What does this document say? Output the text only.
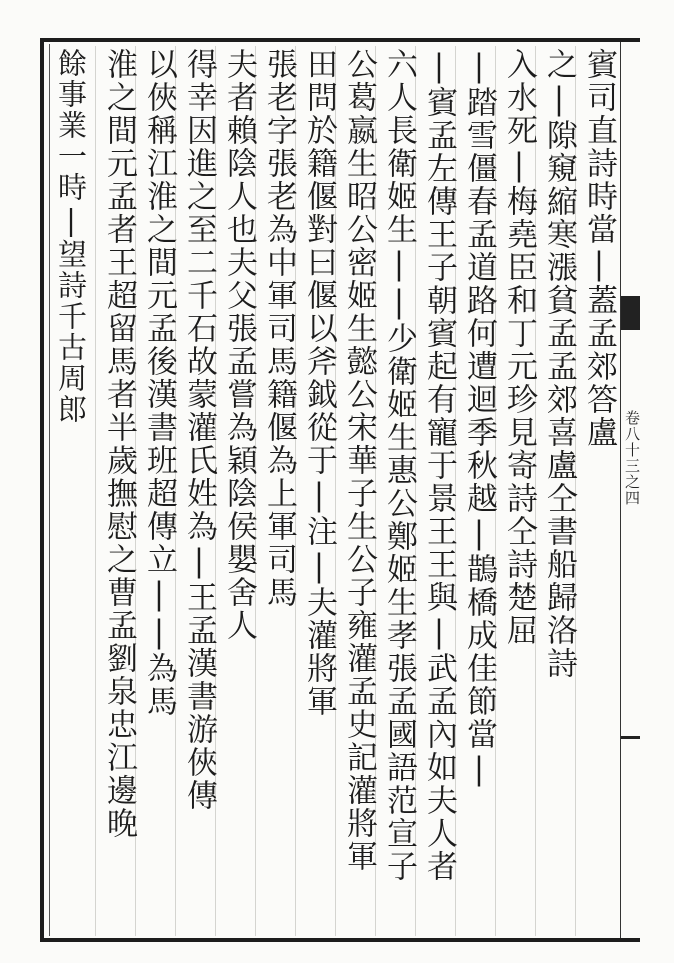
卷八十三之四
賓司直詩時當|蓋孟郊答盧
之|隙窺縮寒漲貧孟孟郊喜盧仝書船歸洛詩
入水死|梅堯臣和丁元珍見寄詩仝詩楚屈
|踏雪僵春孟道路何遭迴季秋越|鵲橋成佳節當|
|賓孟左傳王子朝賓起有寵于景王王與|武孟內如夫人者
六人長衛姬生||少衛姬生惠公鄭姬生孝張孟國語范宣子
公葛嬴生昭公密姬生懿公宋華子生公子雍灌孟史記灌將軍
田問於籍偃對曰偃以斧鉞從于|注|夫灌將軍
張老字張老為中軍司馬籍偃為上軍司馬
夫者賴陰人也夫父張孟嘗為穎陰侯嬰舍人
得幸因進之至二千石故蒙灌氏姓為|王孟漢書游俠傳
以俠稱江淮之間元孟後漢書班超傳立||為馬
淮之間元孟者王超留馬者半歲撫慰之曹孟劉泉忠江邊晚
餘事業一時|望詩千古周郎
